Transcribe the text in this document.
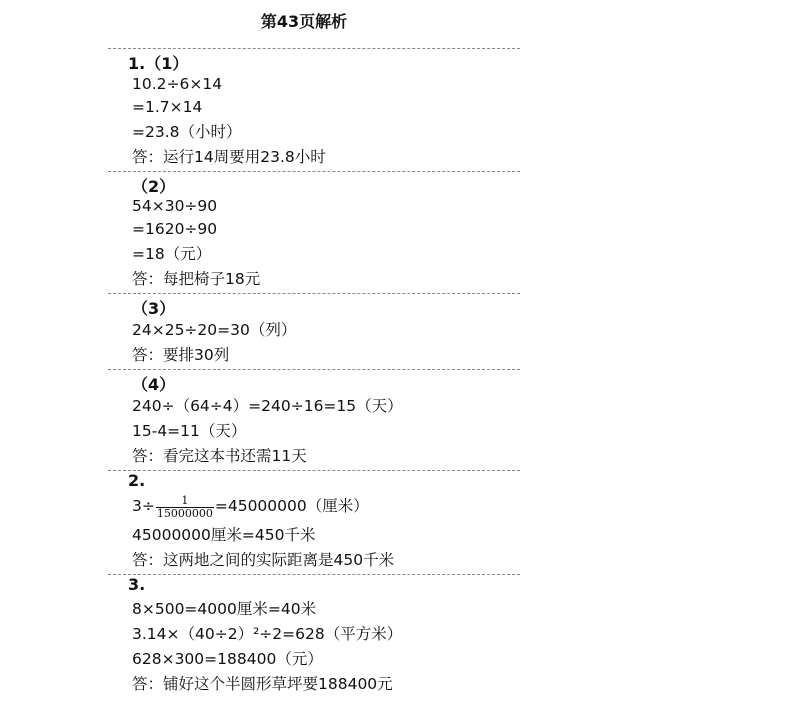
第43页解析
1.（1）
10.2÷6×14
=1.7×14
=23.8（小时）
答：运行14周要用23.8小时
（2）
54×30÷90
=1620÷90
=18（元）
答：每把椅子18元
（3）
24×25÷20=30（列）
答：要排30列
（4）
240÷（64÷4）=240÷16=15（天）
15-4=11（天）
答：看完这本书还需11天
2.
$3\div \frac{1}{15000000} =45000000$（厘米）
45000000厘米=450千米
答：这两地之间的实际距离是450千米
3.
8×500=4000厘米=40米
3.14×（40÷2）²÷2=628（平方米）
628×300=188400（元）
答：铺好这个半圆形草坪要188400元
